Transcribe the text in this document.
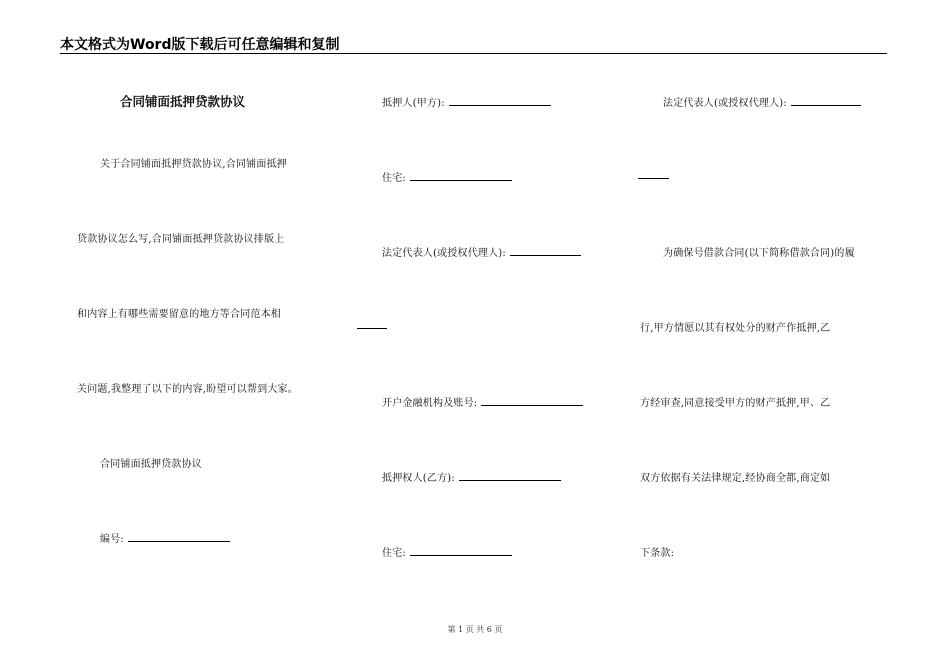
本文格式为Word版下载后可任意编辑和复制
合同铺面抵押贷款协议
关于合同铺面抵押贷款协议,合同铺面抵押
贷款协议怎么写,合同铺面抵押贷款协议排版上
和内容上有哪些需要留意的地方等合同范本相
关问题,我整理了以下的内容,盼望可以帮到大家。
合同铺面抵押贷款协议
编号:
抵押人(甲方):
住宅:
法定代表人(或授权代理人):
开户金融机构及账号:
抵押权人(乙方):
住宅:
法定代表人(或授权代理人):
为确保号借款合同(以下简称借款合同)的履
行,甲方情愿以其有权处分的财产作抵押,乙
方经审查,同意接受甲方的财产抵押,甲、乙
双方依据有关法律规定,经协商全都,商定如
下条款:
第 1 页 共 6 页
